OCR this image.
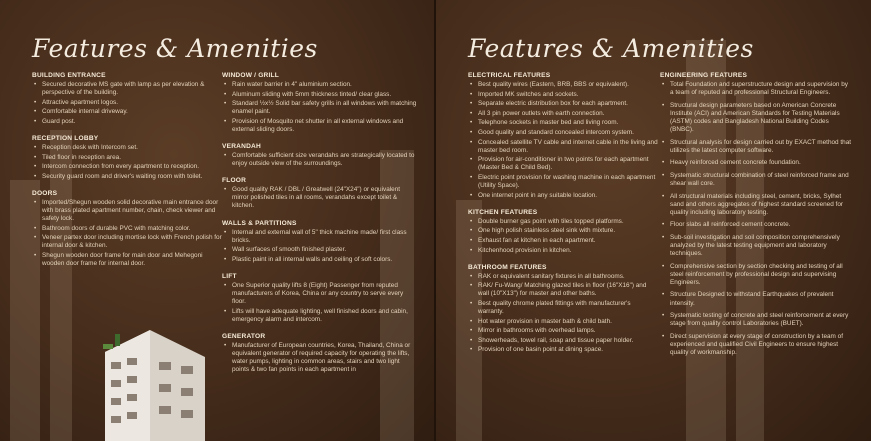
Features & Amenities
BUILDING ENTRANCE
• Secured decorative MS gate with lamp as per elevation & perspective of the building.
• Attractive apartment logos.
• Comfortable internal driveway.
• Guard post.
RECEPTION LOBBY
• Reception desk with Intercom set.
• Tiled floor in reception area.
• Intercom connection from every apartment to reception.
• Security guard room and driver's waiting room with toilet.
DOORS
• Imported/Shegun wooden solid decorative main entrance door with brass plated apartment number, chain, check viewer and safety lock.
• Bathroom doors of durable PVC with matching color.
• Veneer partex door including mortise lock with French polish for internal door & kitchen.
• Shegun wooden door frame for main door and Mehegoni wooden door frame for internal door.
WINDOW / GRILL
• Rain water barrier in 4" aluminium section.
• Aluminum sliding with 5mm thickness tinted/ clear glass.
• Standard ½x½ Solid bar safety grills in all windows with matching enamel paint.
• Provision of Mosquito net shutter in all external windows and external sliding doors.
VERANDAH
• Comfortable sufficient size verandahs are strategically located to enjoy outside view of the surroundings.
FLOOR
• Good quality RAK / DBL / Greatwell (24"X24") or equivalent mirror polished tiles in all rooms, verandahs except toilet & kitchen.
WALLS & PARTITIONS
• Internal and external wall of 5" thick machine made/ first class bricks.
• Wall surfaces of smooth finished plaster.
• Plastic paint in all internal walls and ceiling of soft colors.
LIFT
• One Superior quality lifts 8 (Eight) Passenger from reputed manufacturers of Korea, China or any country to serve every floor.
• Lifts will have adequate lighting, well finished doors and cabin, emergency alarm and intercom.
GENERATOR
• Manufacturer of European countries, Korea, Thailand, China or equivalent generator of required capacity for operating the lifts, water pumps, lighting in common areas, stairs and two light points & two fan points in each apartment in
Features & Amenities
ELECTRICAL FEATURES
• Best quality wires (Eastern, BRB, BBS or equivalent).
• Imported MK switches and sockets.
• Separate electric distribution box for each apartment.
• All 3 pin power outlets with earth connection.
• Telephone sockets in master bed and living room.
• Good quality and standard concealed intercom system.
• Concealed satellite TV cable and internet cable in the living and master bed room.
• Provision for air-conditioner in two points for each apartment (Master Bed & Child Bed).
• Electric point provision for washing machine in each apartment (Utility Space).
• One internet point in any suitable location.
KITCHEN FEATURES
• Double burner gas point with tiles topped platforms.
• One high polish stainless steel sink with mixture.
• Exhaust fan at kitchen in each apartment.
• Kitchenhood provision in kitchen.
BATHROOM FEATURES
• RAK or equivalent sanitary fixtures in all bathrooms.
• RAK/ Fu-Wang/ Matching glazed tiles in floor (16"X16") and wall (10"X13") for master and other baths.
• Best quality chrome plated fittings with manufacturer's warranty.
• Hot water provision in master bath & child bath.
• Mirror in bathrooms with overhead lamps.
• Showerheads, towel rail, soap and tissue paper holder.
• Provision of one basin point at dining space.
ENGINEERING FEATURES
• Total Foundation and superstructure design and supervision by a team of reputed and professional Structural Engineers.
• Structural design parameters based on American Concrete Institute (ACI) and American Standards for Testing Materials (ASTM) codes and Bangladesh National Building Codes (BNBC).
• Structural analysis for design carried out by EXACT method that utilizes the latest computer software.
• Heavy reinforced cement concrete foundation.
• Systematic structural combination of steel reinforced frame and shear wall core.
• All structural materials including steel, cement, bricks, Sylhet sand and others aggregates of highest standard screened for quality including laboratory testing.
• Floor slabs all reinforced cement concrete.
• Sub-soil investigation and soil composition comprehensively analyzed by the latest testing equipment and laboratory techniques.
• Comprehensive section by section checking and testing of all steel reinforcement by professional design and supervising Engineers.
• Structure Designed to withstand Earthquakes of prevalent intensity.
• Systematic testing of concrete and steel reinforcement at every stage from quality control Laboratories (BUET).
• Direct supervision at every stage of construction by a team of experienced and qualified Civil Engineers to ensure highest quality of workmanship.
